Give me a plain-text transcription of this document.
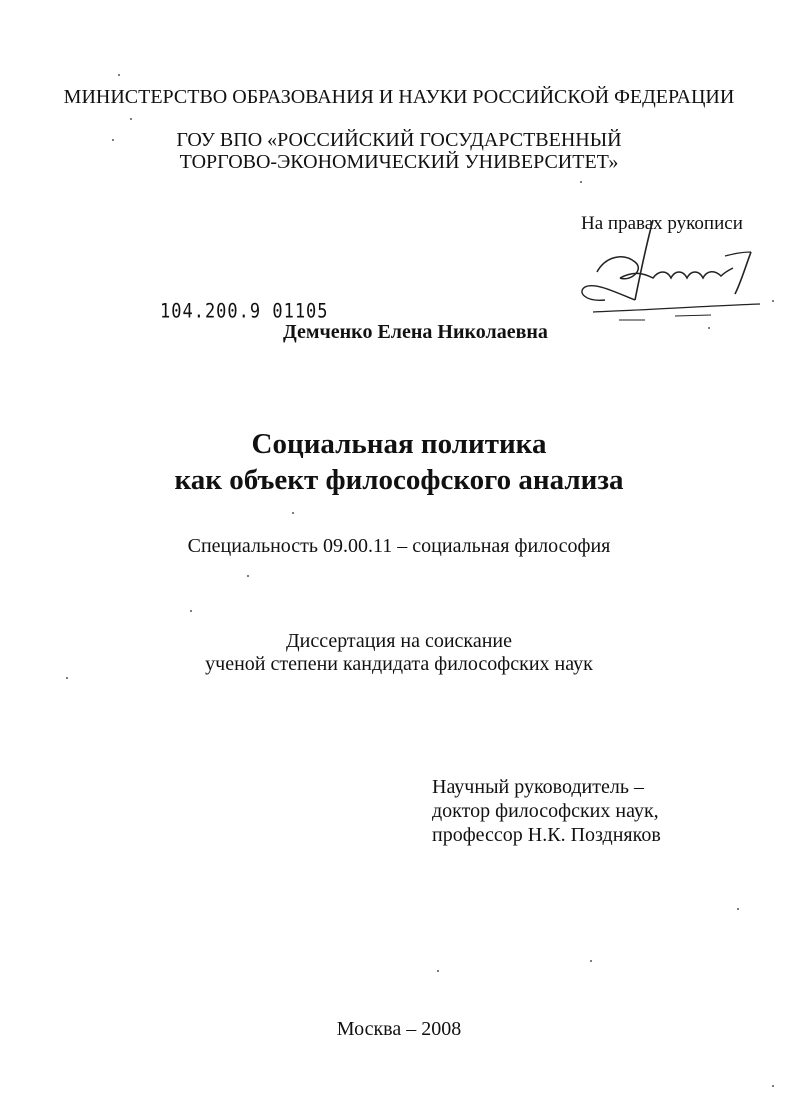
МИНИСТЕРСТВО ОБРАЗОВАНИЯ И НАУКИ РОССИЙСКОЙ ФЕДЕРАЦИИ
ГОУ ВПО «РОССИЙСКИЙ ГОСУДАРСТВЕННЫЙ
ТОРГОВО-ЭКОНОМИЧЕСКИЙ УНИВЕРСИТЕТ»
На правах рукописи
104.200.9 01105
Демченко Елена Николаевна
Социальная политика
как объект философского анализа
Специальность 09.00.11 – социальная философия
Диссертация на соискание
ученой степени кандидата философских наук
Научный руководитель –
доктор философских наук,
профессор Н.К. Поздняков
Москва – 2008
